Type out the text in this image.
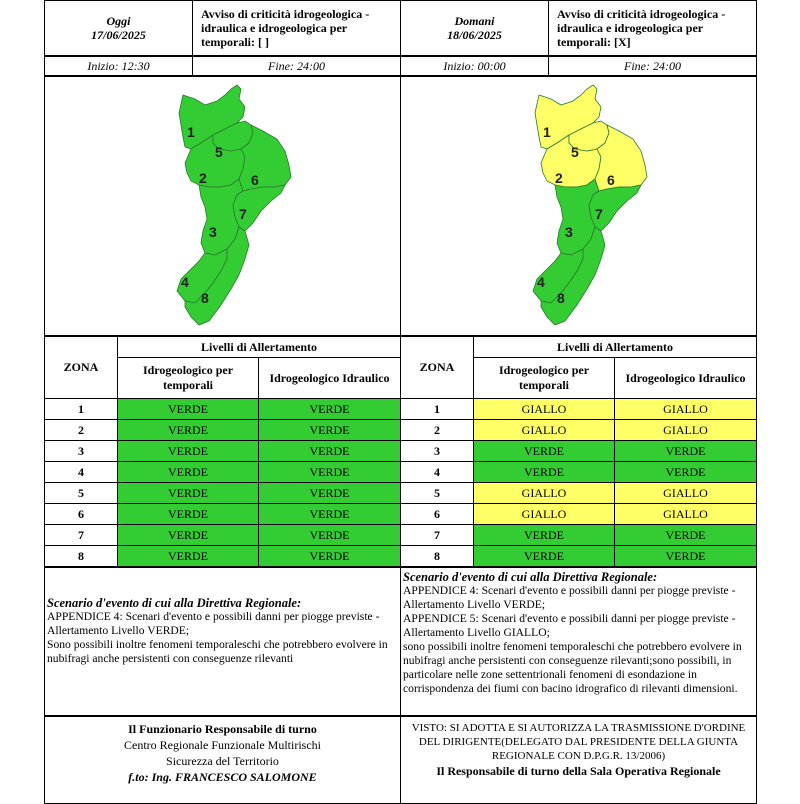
Oggi
17/06/2025
	Avviso di criticità idrogeologica - idraulica e idrogeologica per temporali: [ ]	
Domani
18/06/2025
	Avviso di criticità idrogeologica - idraulica e idrogeologica per temporali: [X]
Inizio: 12:30	Fine: 24:00	Inizio: 00:00	Fine: 24:00
1
2
3
4
5
6
7
8

1
2
3
4
5
6
7
8
ZONA	Livelli di Allertamento		ZONA	Livelli di Allertamento	
	Idrogeologico per temporali	Idrogeologico Idraulico		Idrogeologico per temporali	Idrogeologico Idraulico
1	VERDE	VERDE	1	GIALLO	GIALLO
2	VERDE	VERDE	2	GIALLO	GIALLO
3	VERDE	VERDE	3	VERDE	VERDE
4	VERDE	VERDE	4	VERDE	VERDE
5	VERDE	VERDE	5	GIALLO	GIALLO
6	VERDE	VERDE	6	GIALLO	GIALLO
7	VERDE	VERDE	7	VERDE	VERDE
8	VERDE	VERDE	8	VERDE	VERDE
Scenario d'evento di cui alla Direttiva Regionale:

APPENDICE 4: Scenari d'evento e possibili danni per piogge previste - Allertamento Livello VERDE;

Sono possibili inoltre fenomeni temporaleschi che potrebbero evolvere in nubifragi anche persistenti con conseguenze rilevanti

Scenario d'evento di cui alla Direttiva Regionale:

APPENDICE 4: Scenari d'evento e possibili danni per piogge previste - Allertamento Livello VERDE;

APPENDICE 5: Scenari d'evento e possibili danni per piogge previste - Allertamento Livello GIALLO;

sono possibili inoltre fenomeni temporaleschi che potrebbero evolvere in nubifragi anche persistenti con conseguenze rilevanti;sono possibili, in particolare nelle zone settentrionali fenomeni di esondazione in corrispondenza dei fiumi con bacino idrografico di rilevanti dimensioni.

Il Funzionario Responsabile di turno
Centro Regionale Funzionale Multirischi
Sicurezza del Territorio
f.to: Ing. FRANCESCO SALOMONE

VISTO: SI ADOTTA E SI AUTORIZZA LA TRASMISSIONE D'ORDINE
DEL DIRIGENTE(DELEGATO DAL PRESIDENTE DELLA GIUNTA
REGIONALE CON D.P.G.R. 13/2006)
Il Responsabile di turno della Sala Operativa Regionale
